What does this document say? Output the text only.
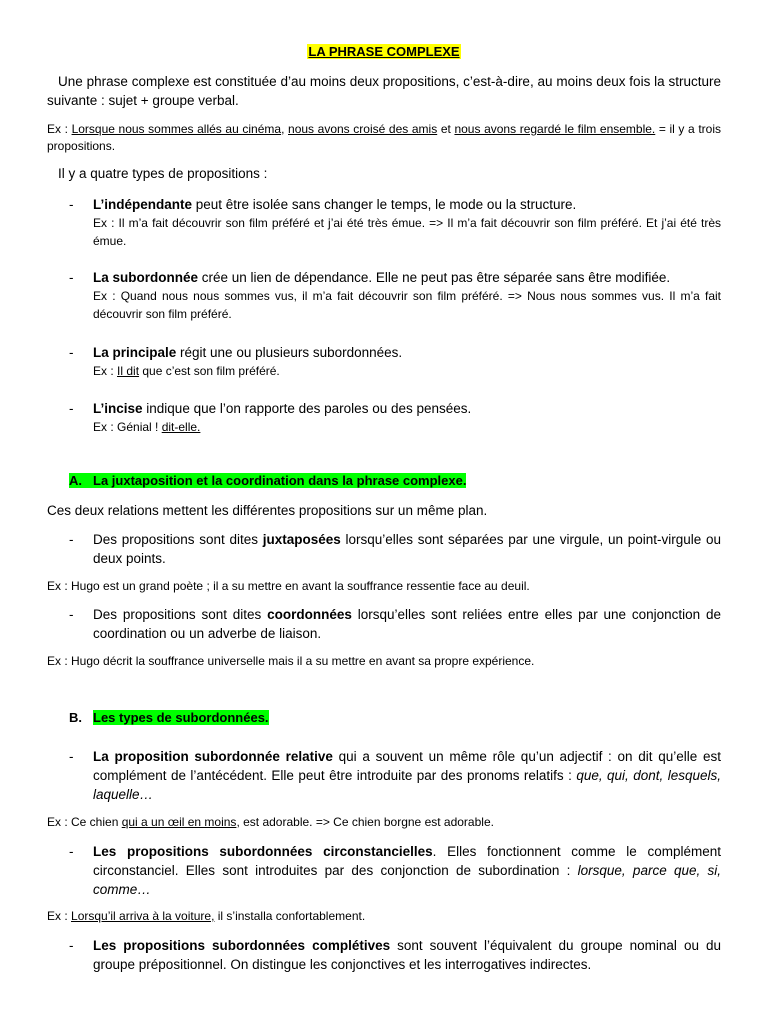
LA PHRASE COMPLEXE
Une phrase complexe est constituée d’au moins deux propositions, c’est-à-dire, au moins deux fois la structure suivante : sujet + groupe verbal.
Ex : Lorsque nous sommes allés au cinéma, nous avons croisé des amis et nous avons regardé le film ensemble. = il y a trois propositions.
Il y a quatre types de propositions :
- L’indépendante peut être isolée sans changer le temps, le mode ou la structure.
Ex : Il m’a fait découvrir son film préféré et j’ai été très émue. => Il m’a fait découvrir son film préféré. Et j’ai été très émue.
- La subordonnée crée un lien de dépendance. Elle ne peut pas être séparée sans être modifiée.
Ex : Quand nous nous sommes vus, il m’a fait découvrir son film préféré. => Nous nous sommes vus. Il m’a fait découvrir son film préféré.
- La principale régit une ou plusieurs subordonnées.
Ex : Il dit que c’est son film préféré.
- L’incise indique que l’on rapporte des paroles ou des pensées.
Ex : Génial ! dit-elle.
A. La juxtaposition et la coordination dans la phrase complexe.
Ces deux relations mettent les différentes propositions sur un même plan.
- Des propositions sont dites juxtaposées lorsqu’elles sont séparées par une virgule, un point-virgule ou deux points.
Ex : Hugo est un grand poète ; il a su mettre en avant la souffrance ressentie face au deuil.
- Des propositions sont dites coordonnées lorsqu’elles sont reliées entre elles par une conjonction de coordination ou un adverbe de liaison.
Ex : Hugo décrit la souffrance universelle mais il a su mettre en avant sa propre expérience.
B. Les types de subordonnées.
- La proposition subordonnée relative qui a souvent un même rôle qu’un adjectif : on dit qu’elle est complément de l’antécédent. Elle peut être introduite par des pronoms relatifs : que, qui, dont, lesquels, laquelle…
Ex : Ce chien qui a un œil en moins, est adorable. => Ce chien borgne est adorable.
- Les propositions subordonnées circonstancielles. Elles fonctionnent comme le complément circonstanciel. Elles sont introduites par des conjonction de subordination : lorsque, parce que, si, comme…
Ex : Lorsqu’il arriva à la voiture, il s’installa confortablement.
- Les propositions subordonnées complétives sont souvent l’équivalent du groupe nominal ou du groupe prépositionnel. On distingue les conjonctives et les interrogatives indirectes.
